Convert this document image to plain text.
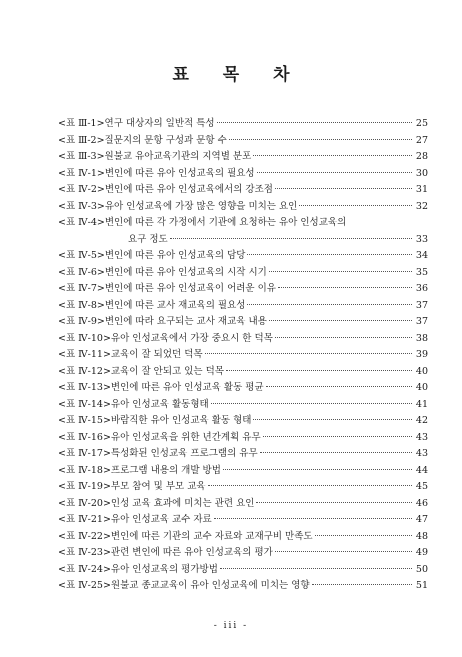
표 목 차
<표 Ⅲ-1> 연구 대상자의 일반적 특성	25
<표 Ⅲ-2> 질문지의 문항 구성과 문항 수	27
<표 Ⅲ-3> 원불교 유아교육기관의 지역별 분포	28
<표 Ⅳ-1> 변인에 따른 유아 인성교육의 필요성	30
<표 Ⅳ-2> 변인에 따른 유아 인성교육에서의 강조점	31
<표 Ⅳ-3> 유아 인성교육에 가장 많은 영향을 미치는 요인	32
<표 Ⅳ-4> 변인에 따른 각 가정에서 기관에 요청하는 유아 인성교육의
요구 정도	33
<표 Ⅳ-5> 변인에 따른 유아 인성교육의 담당	34
<표 Ⅳ-6> 변인에 따른 유아 인성교육의 시작 시기	35
<표 Ⅳ-7> 변인에 따른 유아 인성교육이 어려운 이유	36
<표 Ⅳ-8> 변인에 따른 교사 재교육의 필요성	37
<표 Ⅳ-9> 변인에 따라 요구되는 교사 재교육 내용	37
<표 Ⅳ-10> 유아 인성교육에서 가장 중요시 한 덕목	38
<표 Ⅳ-11> 교육이 잘 되었던 덕목	39
<표 Ⅳ-12> 교육이 잘 안되고 있는 덕목	40
<표 Ⅳ-13> 변인에 따른 유아 인성교육 활동 평균	40
<표 Ⅳ-14> 유아 인성교육 활동형태	41
<표 Ⅳ-15> 바람직한 유아 인성교육 활동 형태	42
<표 Ⅳ-16> 유아 인성교육을 위한 년간계획 유무	43
<표 Ⅳ-17> 특성화된 인성교육 프로그램의 유무	43
<표 Ⅳ-18> 프로그램 내용의 개발 방법	44
<표 Ⅳ-19> 부모 참여 및 부모 교육	45
<표 Ⅳ-20> 인성 교육 효과에 미치는 관련 요인	46
<표 Ⅳ-21> 유아 인성교육 교수 자료	47
<표 Ⅳ-22> 변인에 따른 기관의 교수 자료와 교재구비 만족도	48
<표 Ⅳ-23> 관련 변인에 따른 유아 인성교육의 평가	49
<표 Ⅳ-24> 유아 인성교육의 평가방법	50
<표 Ⅳ-25> 원불교 종교교육이 유아 인성교육에 미치는 영향	51
- iii -
